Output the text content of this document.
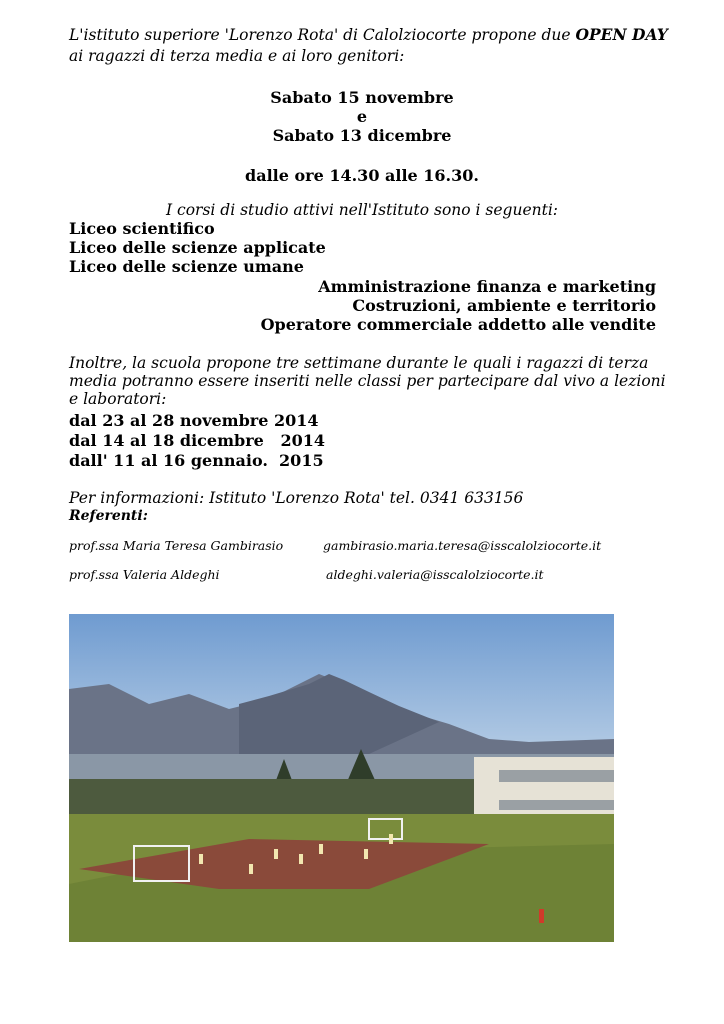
L'istituto superiore 'Lorenzo Rota' di Calolziocorte propone due OPEN DAY
ai ragazzi di terza media e ai loro genitori:
Sabato 15 novembre
e
Sabato 13 dicembre
dalle ore 14.30 alle 16.30.
I corsi di studio attivi nell'Istituto sono i seguenti:
Liceo scientifico
Liceo delle scienze applicate
Liceo delle scienze umane
Amministrazione finanza e marketing
Costruzioni, ambiente e territorio
Operatore commerciale addetto alle vendite
Inoltre, la scuola propone tre settimane durante le quali i ragazzi di terza media potranno essere inseriti nelle classi per partecipare dal vivo a lezioni e laboratori:
dal 23 al 28 novembre 2014
dal 14 al 18 dicembre   2014
dall' 11 al 16 gennaio.  2015
Per informazioni: Istituto 'Lorenzo Rota' tel. 0341 633156
Referenti:
prof.ssa Maria Teresa Gambirasio	gambirasio.maria.teresa@isscalolziocorte.it
prof.ssa Valeria Aldeghi	aldeghi.valeria@isscalolziocorte.it
